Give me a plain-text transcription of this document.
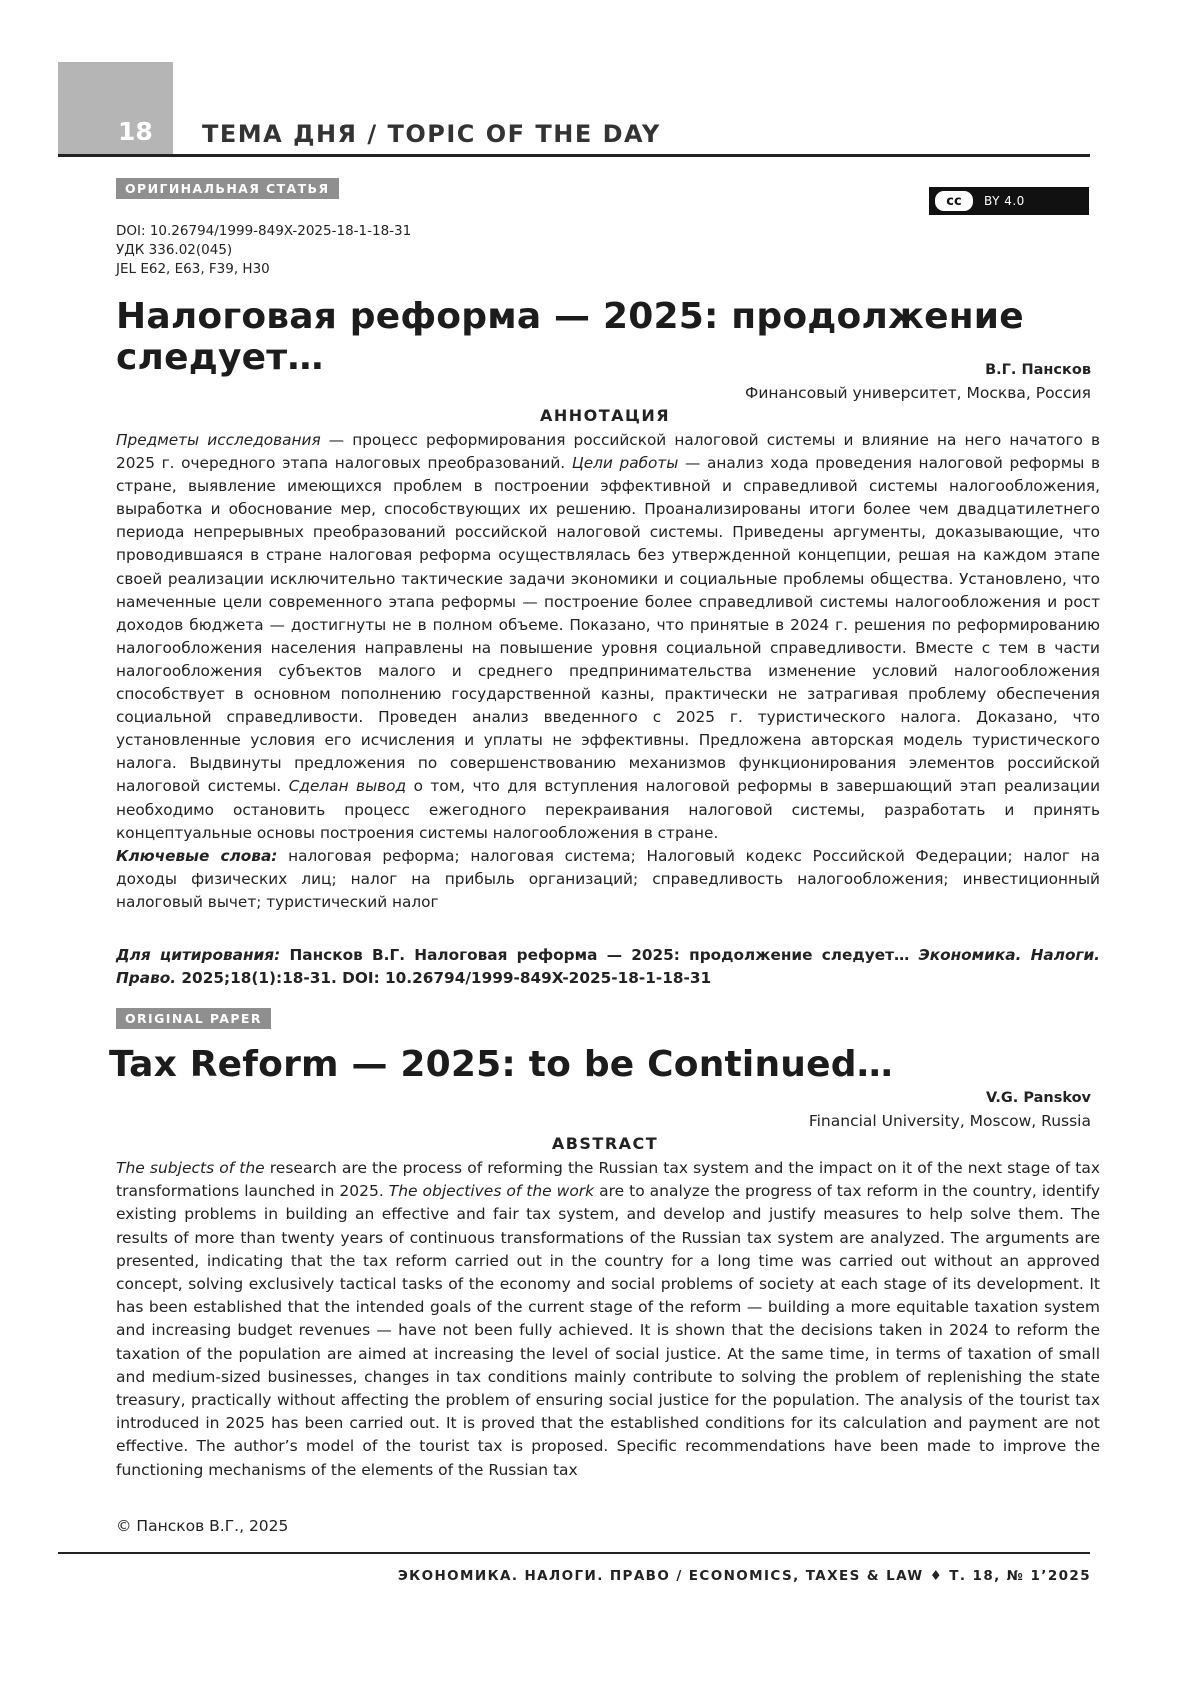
18 ТЕМА ДНЯ / TOPIC OF THE DAY
ОРИГИНАЛЬНАЯ СТАТЬЯ
cc	BY 4.0
DOI: 10.26794/1999-849X-2025-18-1-18-31
УДК 336.02(045)
JEL E62, E63, F39, H30
Налоговая реформа — 2025: продолжение следует…	В.Г. Пансков
Финансовый университет, Москва, Россия
АННОТАЦИЯ

Предметы исследования — процесс реформирования российской налоговой системы и влияние на него начатого в 2025 г. очередного этапа налоговых преобразований. Цели работы — анализ хода проведения налоговой реформы в стране, выявление имеющихся проблем в построении эффективной и справедливой системы налогообложения, выработка и обоснование мер, способствующих их решению. Проанализированы итоги более чем двадцатилетнего периода непрерывных преобразований российской налоговой системы. Приведены аргументы, доказывающие, что проводившаяся в стране налоговая реформа осуществлялась без утвержденной концепции, решая на каждом этапе своей реализации исключительно тактические задачи экономики и социальные проблемы общества. Установлено, что намеченные цели современного этапа реформы — построение более справедливой системы налогообложения и рост доходов бюджета — достигнуты не в полном объеме. Показано, что принятые в 2024 г. решения по реформированию налогообложения населения направлены на повышение уровня социальной справедливости. Вместе с тем в части налогообложения субъектов малого и среднего предпринимательства изменение условий налогообложения способствует в основном пополнению государственной казны, практически не затрагивая проблему обеспечения социальной справедливости. Проведен анализ введенного с 2025 г. туристического налога. Доказано, что установленные условия его исчисления и уплаты не эффективны. Предложена авторская модель туристического налога. Выдвинуты предложения по совершенствованию механизмов функционирования элементов российской налоговой системы. Сделан вывод о том, что для вступления налоговой реформы в завершающий этап реализации необходимо остановить процесс ежегодного перекраивания налоговой системы, разработать и принять концептуальные основы построения системы налогообложения в стране.
Ключевые слова: налоговая реформа; налоговая система; Налоговый кодекс Российской Федерации; налог на доходы физических лиц; налог на прибыль организаций; справедливость налогообложения; инвестиционный налоговый вычет; туристический налог

Для цитирования: Пансков В.Г. Налоговая реформа — 2025: продолжение следует… Экономика. Налоги. Право. 2025;18(1):18-31. DOI: 10.26794/1999-849X-2025-18-1-18-31
ORIGINAL PAPER
Tax Reform — 2025: to be Continued…
V.G. Panskov
Financial University, Moscow, Russia
ABSTRACT

The subjects of the research are the process of reforming the Russian tax system and the impact on it of the next stage of tax transformations launched in 2025. The objectives of the work are to analyze the progress of tax reform in the country, identify existing problems in building an effective and fair tax system, and develop and justify measures to help solve them. The results of more than twenty years of continuous transformations of the Russian tax system are analyzed. The arguments are presented, indicating that the tax reform carried out in the country for a long time was carried out without an approved concept, solving exclusively tactical tasks of the economy and social problems of society at each stage of its development. It has been established that the intended goals of the current stage of the reform — building a more equitable taxation system and increasing budget revenues — have not been fully achieved. It is shown that the decisions taken in 2024 to reform the taxation of the population are aimed at increasing the level of social justice. At the same time, in terms of taxation of small and medium-sized businesses, changes in tax conditions mainly contribute to solving the problem of replenishing the state treasury, practically without affecting the problem of ensuring social justice for the population. The analysis of the tourist tax introduced in 2025 has been carried out. It is proved that the established conditions for its calculation and payment are not effective. The author’s model of the tourist tax is proposed. Specific recommendations have been made to improve the functioning mechanisms of the elements of the Russian tax

© Пансков В.Г., 2025
ЭКОНОМИКА. НАЛОГИ. ПРАВО / ECONOMICS, TAXES & LAW ♦ Т. 18, № 1’2025
